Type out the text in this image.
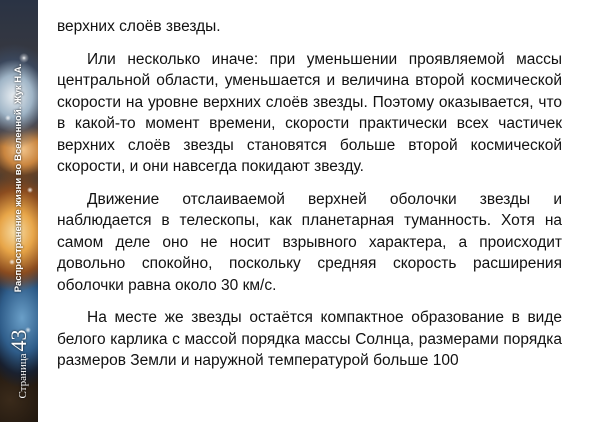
Распространение жизни во Вселенной. Жук Н.А.
Страница43

верхних слоёв звезды.

Или несколько иначе: при уменьшении проявляемой массы центральной области, уменьшается и величина второй космической скорости на уровне верхних слоёв звезды. Поэтому оказывается, что в какой-то момент времени, скорости практически всех частичек верхних слоёв звезды становятся больше второй космической скорости, и они навсегда покидают звезду.

Движение отслаиваемой верхней оболочки звезды и наблюдается в телескопы, как планетарная туманность. Хотя на самом деле оно не носит взрывного характера, а происходит довольно спокойно, поскольку средняя скорость расширения оболочки равна около 30 км/с.

На месте же звезды остаётся компактное образование в виде белого карлика с массой порядка массы Солнца, размерами порядка размеров Земли и наружной температурой больше 100
